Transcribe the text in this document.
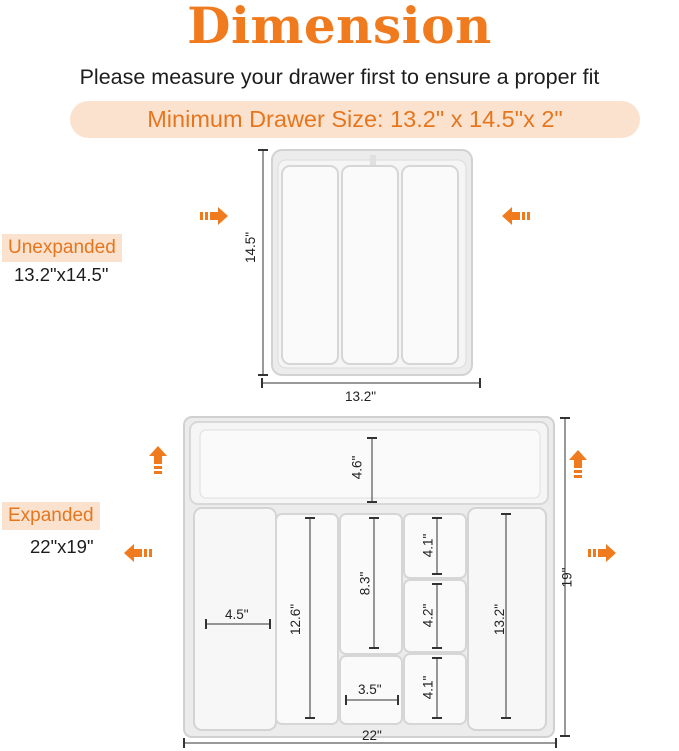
Dimension
Please measure your drawer first to ensure a proper fit
Minimum Drawer Size: 13.2" x 14.5"x 2"
Unexpanded
13.2"x14.5"
Expanded
22"x19"
14.5"
13.2"
4.6"
4.5"	12.6"
8.3"
3.5"
4.1"
4.2"
4.1"
13.2"
19"
22"
